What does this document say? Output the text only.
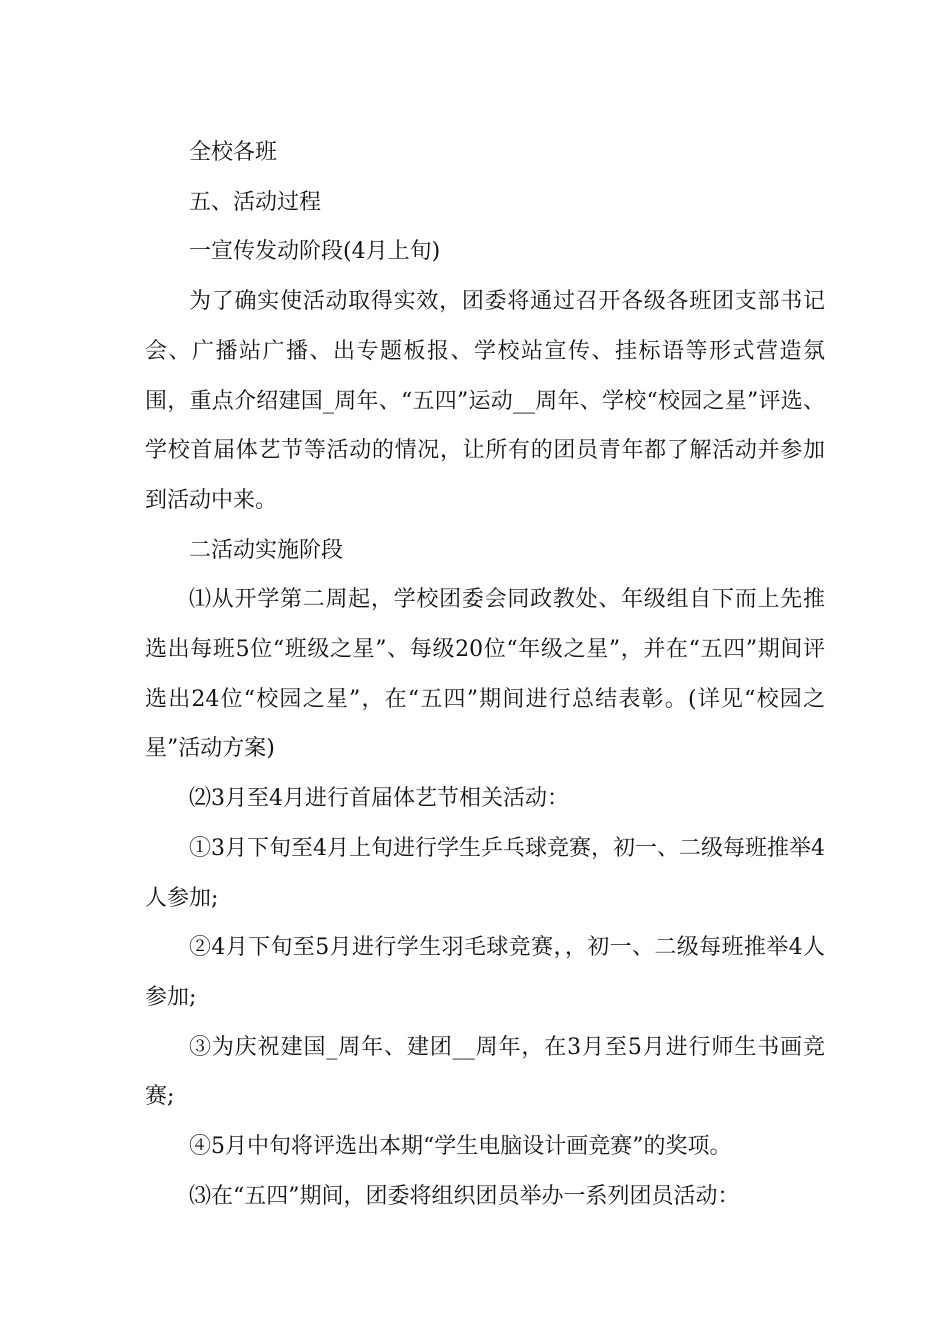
全校各班

五、活动过程

一宣传发动阶段(4月上旬)

为了确实使活动取得实效，团委将通过召开各级各班团支部书记会、广播站广播、出专题板报、学校站宣传、挂标语等形式营造氛围，重点介绍建国_周年、“五四”运动__周年、学校“校园之星”评选、学校首届体艺节等活动的情况，让所有的团员青年都了解活动并参加到活动中来。

二活动实施阶段

⑴从开学第二周起，学校团委会同政教处、年级组自下而上先推选出每班5位“班级之星”、每级20位“年级之星”，并在“五四”期间评选出24位“校园之星”，在“五四”期间进行总结表彰。(详见“校园之星”活动方案)

⑵3月至4月进行首届体艺节相关活动：

①3月下旬至4月上旬进行学生乒乓球竞赛，初一、二级每班推举4人参加;

②4月下旬至5月进行学生羽毛球竞赛，，初一、二级每班推举4人参加;

③为庆祝建国_周年、建团__周年，在3月至5月进行师生书画竞赛;

④5月中旬将评选出本期“学生电脑设计画竞赛”的奖项。

⑶在“五四”期间，团委将组织团员举办一系列团员活动：
